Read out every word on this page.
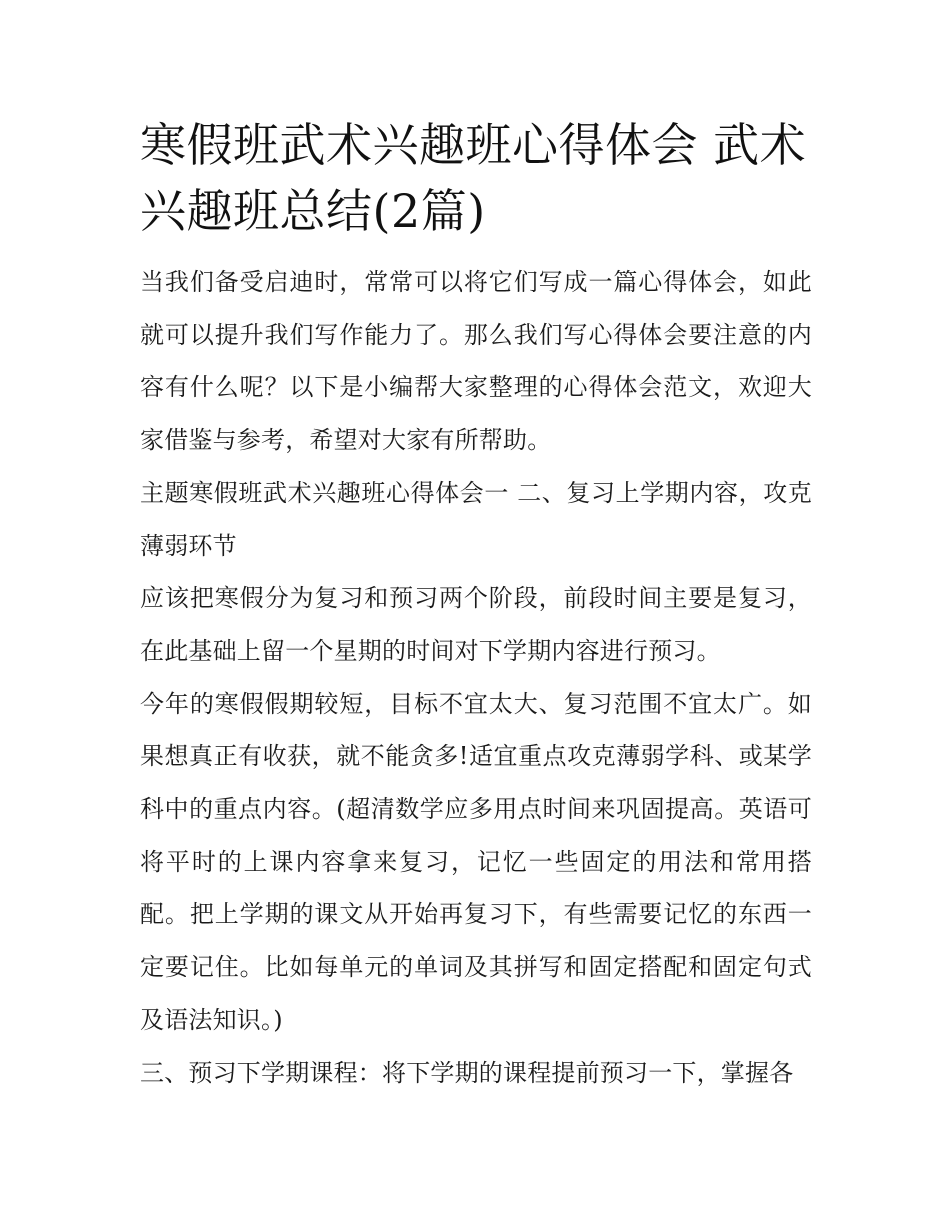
寒假班武术兴趣班心得体会 武术兴趣班总结(2篇)

当我们备受启迪时，常常可以将它们写成一篇心得体会，如此就可以提升我们写作能力了。那么我们写心得体会要注意的内容有什么呢？以下是小编帮大家整理的心得体会范文，欢迎大家借鉴与参考，希望对大家有所帮助。

主题寒假班武术兴趣班心得体会一 二、复习上学期内容，攻克薄弱环节

应该把寒假分为复习和预习两个阶段，前段时间主要是复习，在此基础上留一个星期的时间对下学期内容进行预习。

今年的寒假假期较短，目标不宜太大、复习范围不宜太广。如果想真正有收获，就不能贪多!适宜重点攻克薄弱学科、或某学科中的重点内容。(超清数学应多用点时间来巩固提高。英语可将平时的上课内容拿来复习，记忆一些固定的用法和常用搭配。把上学期的课文从开始再复习下，有些需要记忆的东西一定要记住。比如每单元的单词及其拼写和固定搭配和固定句式及语法知识。)

三、预习下学期课程：将下学期的课程提前预习一下，掌握各
